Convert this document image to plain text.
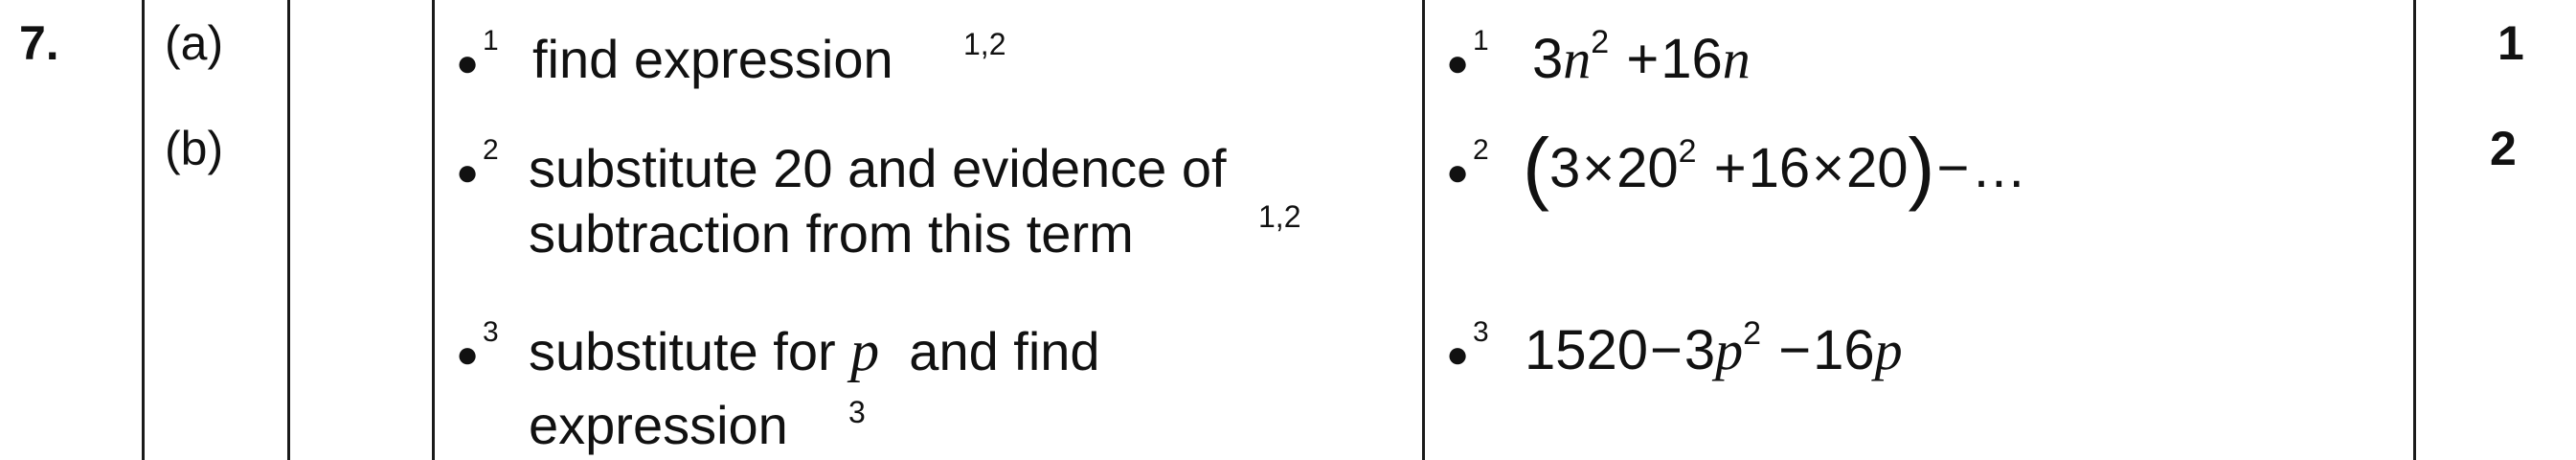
7. (a)
(b)
1
2
●
1 find expression 1,2	●
1 $3n^2 +16n$
●
2 substitute 20 and evidence of
subtraction from this term	1,2
●
2 ($3\times 20^2$ +16×20)−…
●
3 substitute for p and find
expression 3
●
3 $1520-3p^2 -16p$
